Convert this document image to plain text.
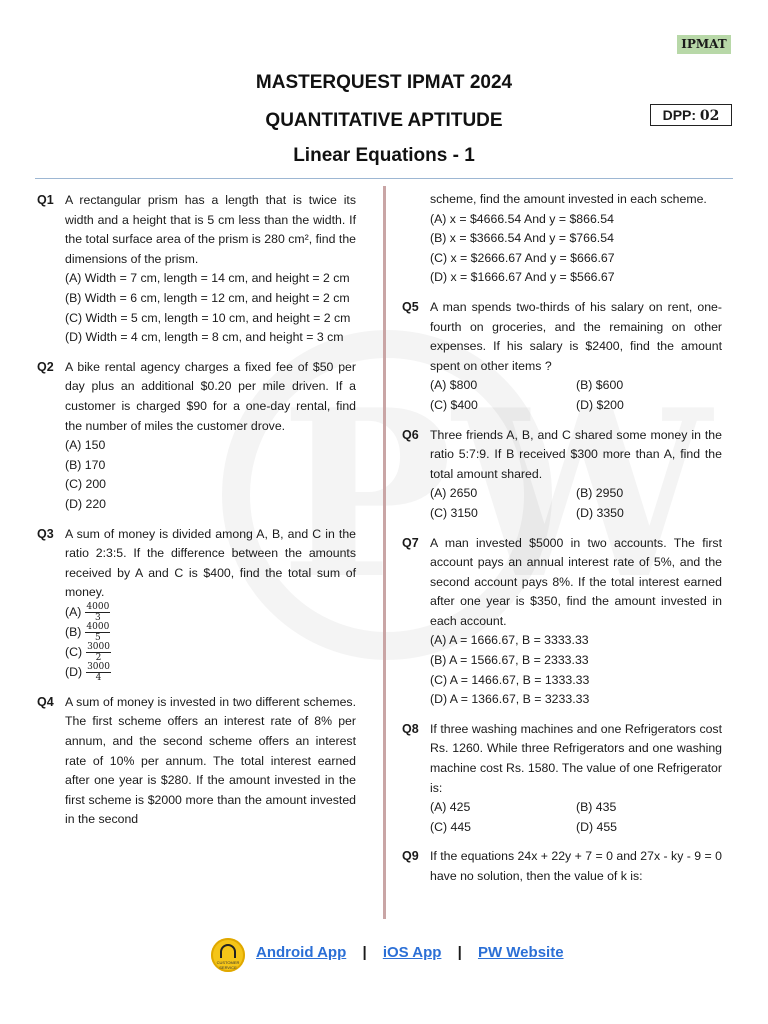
IPMAT
MASTERQUEST IPMAT 2024
QUANTITATIVE APTITUDE
Linear Equations - 1
DPP: 02
Q1 A rectangular prism has a length that is twice its width and a height that is 5 cm less than the width. If the total surface area of the prism is 280 cm², find the dimensions of the prism.
(A) Width = 7 cm, length = 14 cm, and height = 2 cm
(B) Width = 6 cm, length = 12 cm, and height = 2 cm
(C) Width = 5 cm, length = 10 cm, and height = 2 cm
(D) Width = 4 cm, length = 8 cm, and height = 3 cm
Q2 A bike rental agency charges a fixed fee of $50 per day plus an additional $0.20 per mile driven. If a customer is charged $90 for a one-day rental, find the number of miles the customer drove.
(A) 150
(B) 170
(C) 200
(D) 220
Q3 A sum of money is divided among A, B, and C in the ratio 2:3:5. If the difference between the amounts received by A and C is $400, find the total sum of money.
$(A) \frac{4000}{3}$
$(B) \frac{4000}{5}$
$(C) \frac{3000}{2}$
$(D) \frac{3000}{4}$
Q4 A sum of money is invested in two different schemes. The first scheme offers an interest rate of 8% per annum, and the second scheme offers an interest rate of 10% per annum. The total interest earned after one year is $280. If the amount invested in the first scheme is $2000 more than the amount invested in the second
scheme, find the amount invested in each scheme.
(A) x = $4666.54 And y = $866.54
(B) x = $3666.54 And y = $766.54
(C) x = $2666.67 And y = $666.67
(D) x = $1666.67 And y = $566.67
Q5 A man spends two-thirds of his salary on rent, one-fourth on groceries, and the remaining on other expenses. If his salary is $2400, find the amount spent on other items ?
(A) $800	(B) $600
(C) $400	(D) $200
Q6 Three friends A, B, and C shared some money in the ratio 5:7:9. If B received $300 more than A, find the total amount shared.
(A) 2650	(B) 2950
(C) 3150	(D) 3350
Q7 A man invested $5000 in two accounts. The first account pays an annual interest rate of 5%, and the second account pays 8%. If the total interest earned after one year is $350, find the amount invested in each account.
(A) A = 1666.67, B = 3333.33
(B) A = 1566.67, B = 2333.33
(C) A = 1466.67, B = 1333.33
(D) A = 1366.67, B = 3233.33
Q8 If three washing machines and one Refrigerators cost Rs. 1260. While three Refrigerators and one washing machine cost Rs. 1580. The value of one Refrigerator is:
(A) 425	(B) 435
(C) 445	(D) 455
Q9 If the equations 24x + 22y + 7 = 0 and 27x - ky - 9 = 0 have no solution, then the value of k is:
CUSTOMER SERVICE
Android App | iOS App | PW Website
